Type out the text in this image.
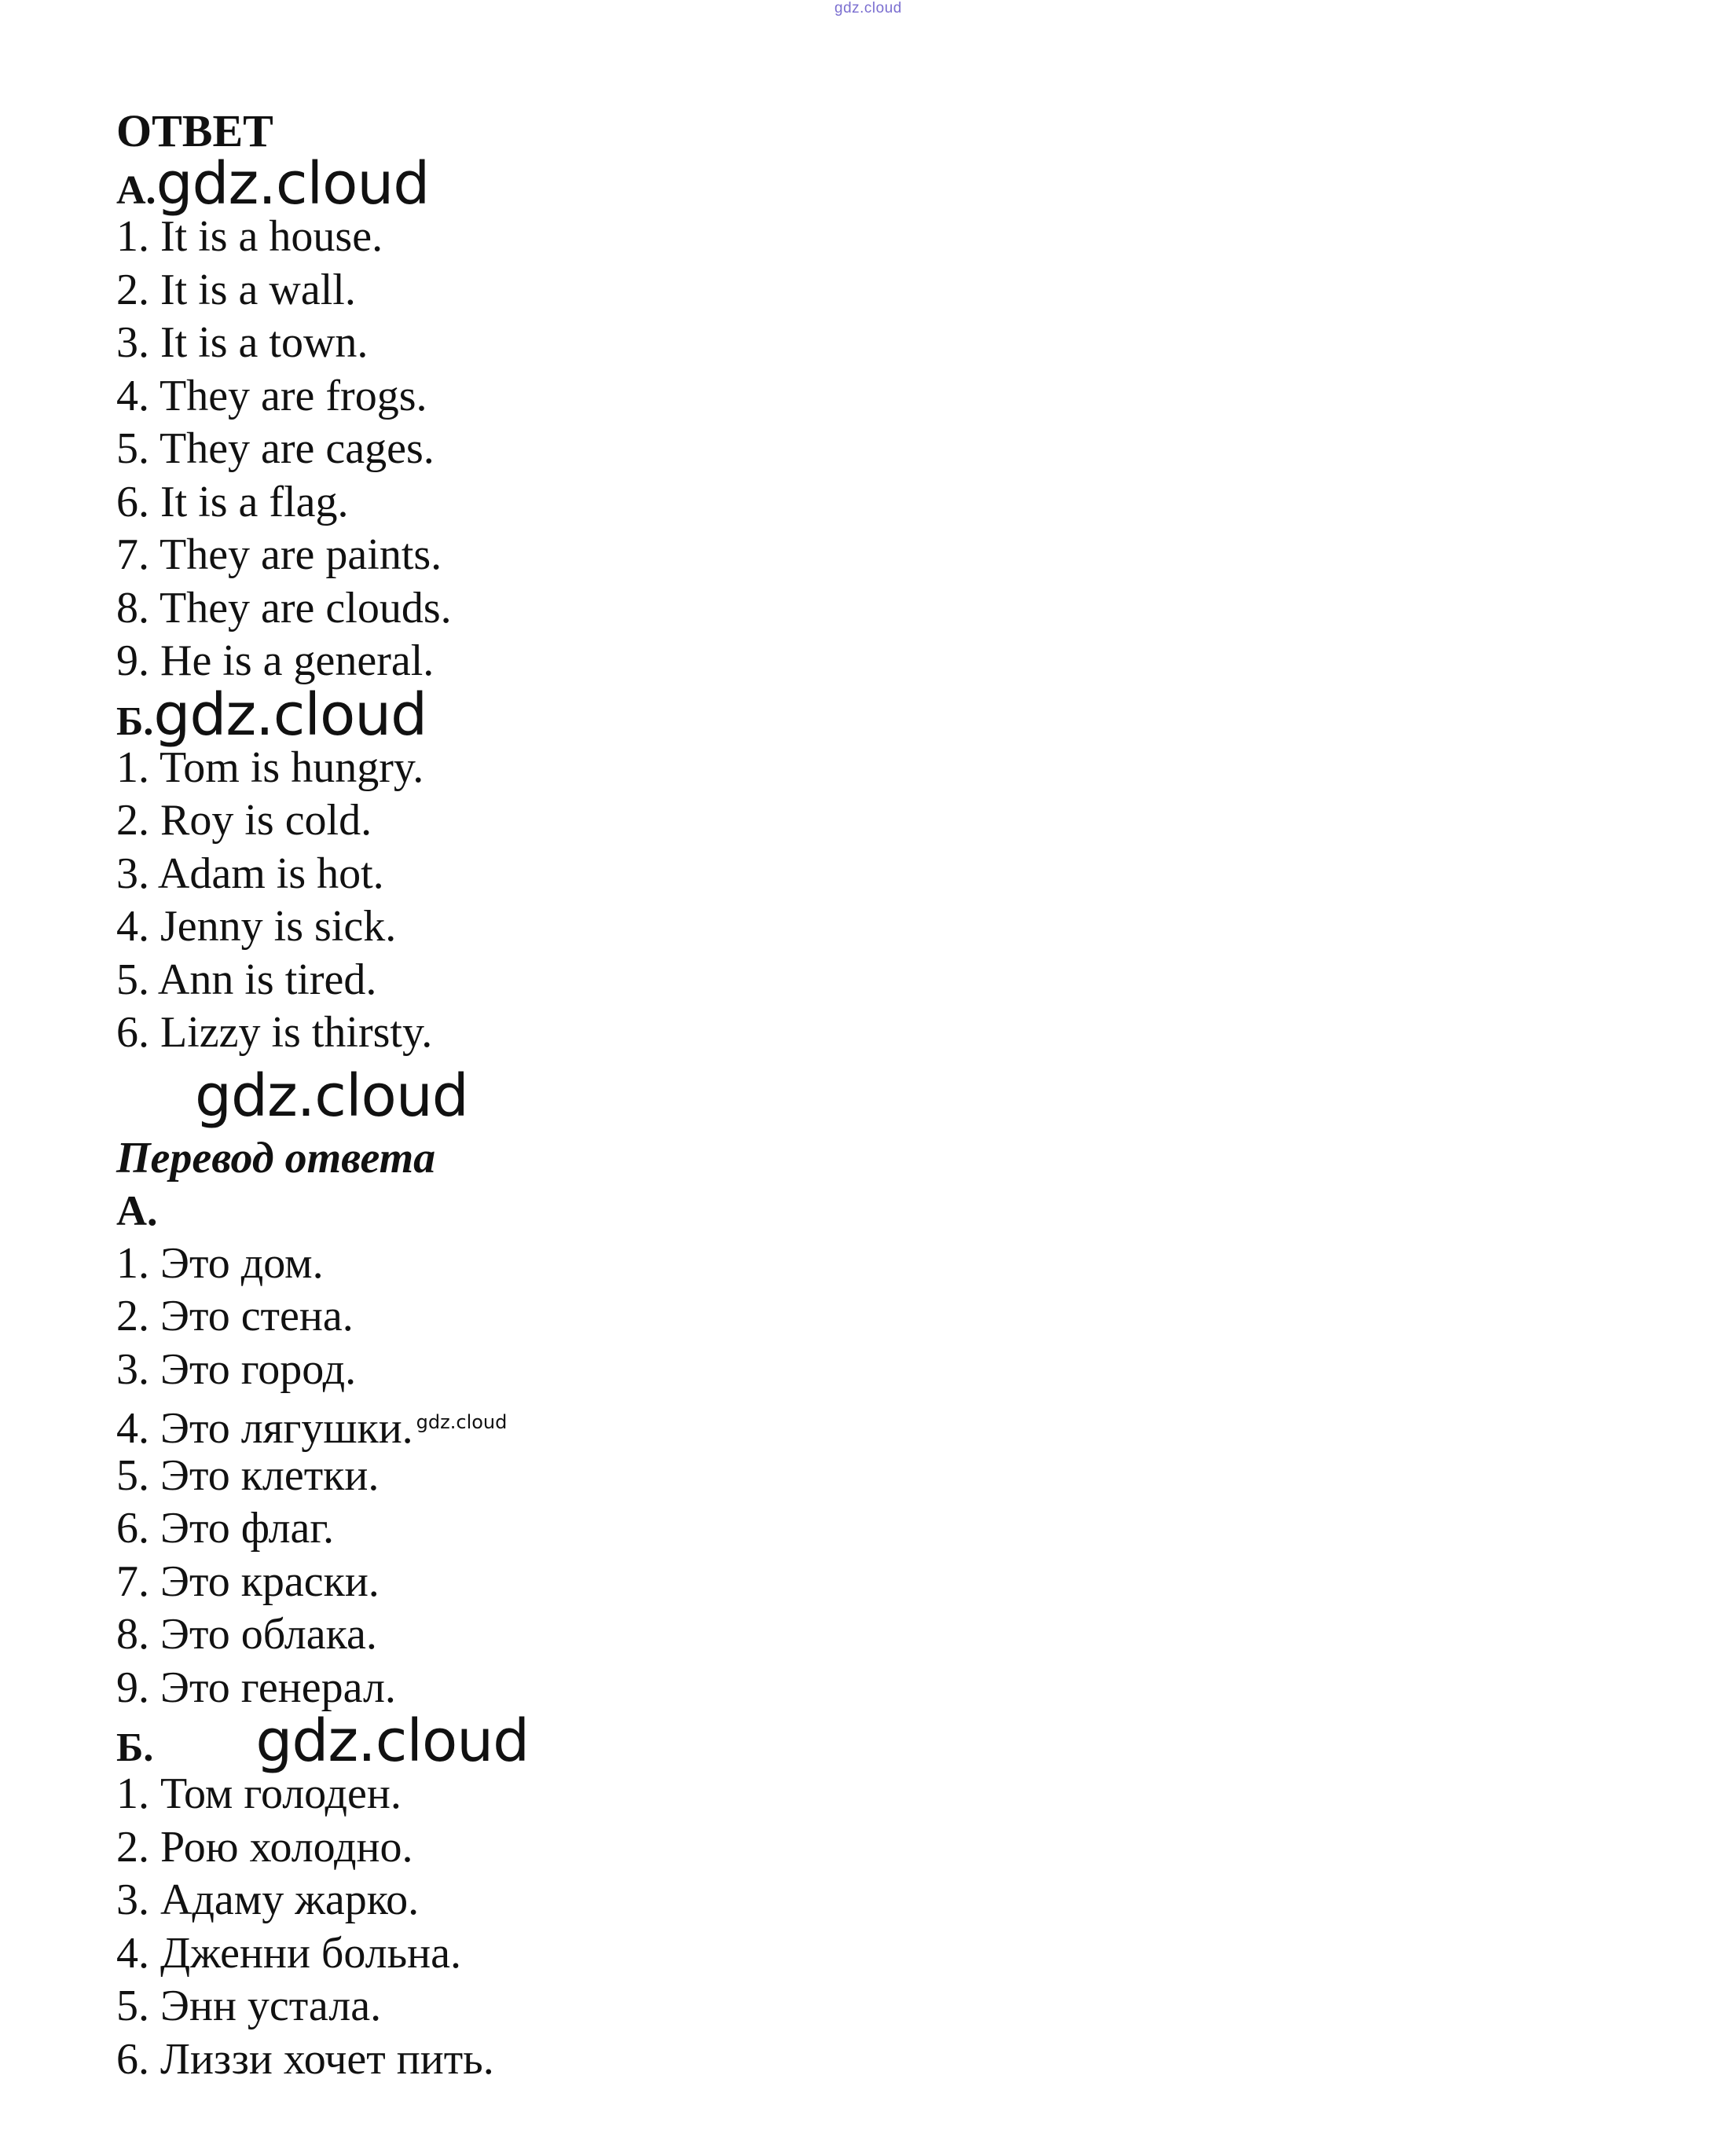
gdz.cloud
ОТВЕТ
А.gdz.cloud
1. It is a house.
2. It is a wall.
3. It is a town.
4. They are frogs.
5. They are cages.
6. It is a flag.
7. They are paints.
8. They are clouds.
9. He is a general.
Б.gdz.cloud
1. Tom is hungry.
2. Roy is cold.
3. Adam is hot.
4. Jenny is sick.
5. Ann is tired.
6. Lizzy is thirsty.
gdz.cloud
Перевод ответа
А.
1. Это дом.
2. Это стена.
3. Это город.
4. Это лягушки. $^{gdz.cloud}$
5. Это клетки.
6. Это флаг.
7. Это краски.
8. Это облака.
9. Это генерал.
Б. gdz.cloud
1. Том голоден.
2. Рою холодно.
3. Адаму жарко.
4. Дженни больна.
5. Энн устала.
6. Лиззи хочет пить.
